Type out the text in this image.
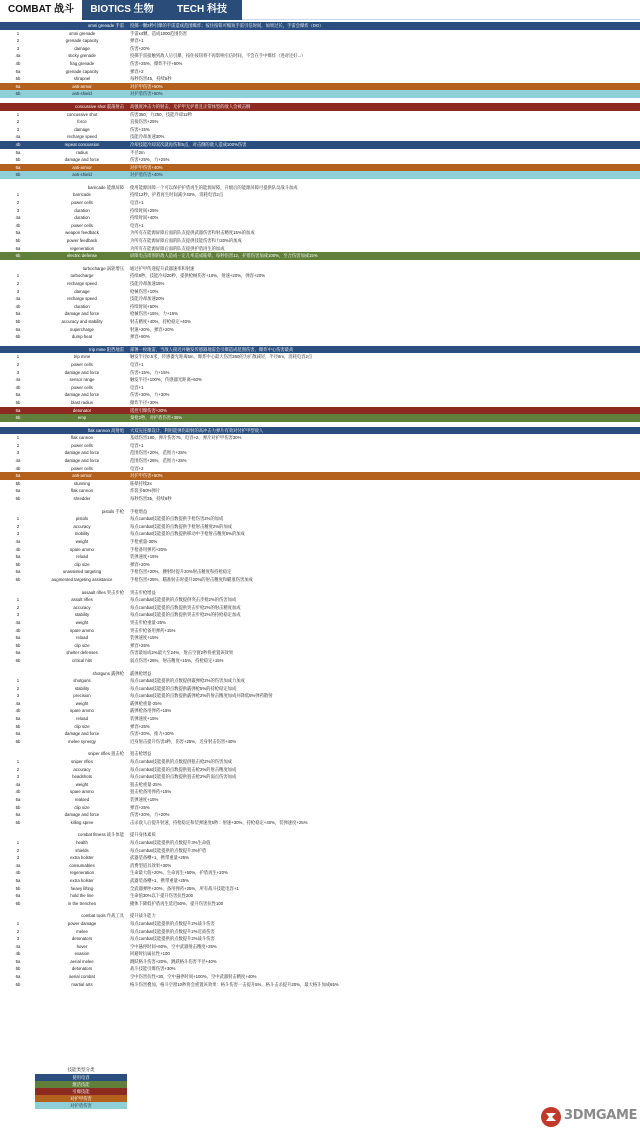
COMBAT 战斗	BIOTICS 生物	TECH 科技
omni grenade 手雷	投掷一颗2秒引爆的手雷造成范围爆炸；按住按钮可缩短手雷引信时间，如果过长，手雷会爆炸（DG）
1	omni grenade	手雷x4颗，造成1000范围伤害
2	grenade capacity	弹容+1
3	damage	伤害+20%
4a	sticky grenade	投掷手雷接触到敌人后引爆，按住按钮将不再影响引信时间，不会在手中爆炸（进对还好...）
4b	frag grenade	伤害+25%，爆炸半径+60%
5a	grenade capacity	弹容+2
5b	shrapnel	每秒伤害45，持续5秒
6a	anti-armor	对护甲伤害+50%
6b	anti-shield	对护盾伤害+50%
concussive shot 震荡射击	高强度冲击力的射击，无护甲无护盾且正常体型的敌人会被击倒
1	concussive shot	伤害350，力250，技能冷却12秒
2	force	直接伤害+25%
3	damage	伤害+15%
4a	recharge speed	技能冷却加速30%
4b	repeat concussion	冷却技能冷却双次就再伤和5点，对击倒的敌人造成100%伤害
5a	radius	半径2m
5b	damage and force	伤害+25%，力+25%
6a	anti-armor	对护甲伤害+40%
6b	anti-shield	对护盾伤害+40%
barricade 能源屏障	使用能源屏障一个可以保护护盾再生的能源屏障，升级后的能源屏障可提供队员战斗加成
1	barricade	持续12秒，护盾再生时间减少40%，消耗电容2点
2	power cells	电容+1
3	duration	持续时间+25%
4a	duration	持续时间+40%
4b	power cells	电容+1
5a	weapon feedback	为所有在能源屏障后面的队友提供武器伤害和射击精度15%的加成
5b	power feedback	为所有在能源屏障后面的队友提供技能伤害和力20%的加成
6a	regeneration	为所有在能源屏障后面的队友提供护盾再生的加成
6b	electric defense	屏障电击周围的敌人造成一定几率造成眩晕，每秒伤害12，护盾伤害加成100%，至合伤害加成15%
turbocharge 涡轮增压	通过护甲传递提升武器速率和射速
1	turbocharge	持续8秒，技能冷却20秒，提供枪械伤害+10%，射速+20%，弹容+20%
2	recharge speed	技能冷却加速15%
3	damage	枪械伤害+10%
4a	recharge speed	技能冷却加速20%
4b	duration	持续时间+50%
5a	damage and force	枪械伤害+15%，力+15%
5b	accuracy and stability	射击精度+40%，持枪稳定+40%
6a	supercharge	射速+20%，弹容+20%
6b	dump heat	弹容+80%
trip mine 阻挡地雷	部署一枚地雷，当敌人接近并触发传感器地雷会引爆造成范围伤害，爆炸中心伤害最高
1	trip mine	触发半径0.5米，传感器光距离5m，爆炸中心最大伤害350的为扩散减轻，半径6m，消耗电容2点
2	power cells	电容+1
3	damage and force	伤害+15%，力+15%
4a	sensor range	触发半径+100%，传感器光距离+60%
4b	power cells	电容+1
5a	damage and force	伤害+30%，力+30%
5b	blast radius	爆炸半径+30%
6a	detonator	遥控引爆伤害+30%
6b	emp	秦枪2秒，对护盾伤害+35%
flak cannon 高射炮	大双充连爆设计，利用能弹伤取射的高冲击力弹片有效对付护甲型敌人
1	flak cannon	基础伤害180，弹片伤害75，电容+2，弹片对护甲伤害30%
2	power cells	电容+1
3	damage and force	范围伤害+20%，范围力+25%
4a	damage and force	范围伤害+25%，范围力+25%
4b	power cells	电容+2
5a	anti-armor	对护甲伤害+50%
5b	stunning	眩晕持续2s
6a	flak cannon	炸裂多50%弹片
6b	shredder	每秒伤害35，持续6秒
pistols 手枪	手枪增益
1	pistols	每点combat技能提的点数提供手枪伤害2%的加成
2	accuracy	每点combat技能提的点数提供手枪射击精度2%的加成
3	mobility	每点combat技能提的点数提供移动中手枪射击精度5%的加成
4a	weight	手枪重量-30%
4b	spare ammo	手枪备用弹药+20%
5a	reload	装弹速度+15%
5b	clip size	弹容+20%
6a	unassisted targeting	手枪伤害+20%，腰射时提升20%射击精度和持枪稳定
6b	augmented targeting assistance	手枪伤害+25%，瞄准射击时提升20%的射击精度和瞄准伤害加成
assault rifles 突击步枪	突击步枪增益
1	assult rifles	每点combat技能提供的点数提供突击步枪2%的伤害加成
2	accuracy	每点combat技能提的点数提供突击步枪2%的射击精度加成
3	stability	每点combat技能提的点数提供突击步枪2%的持枪稳定加成
4a	weight	突击步枪重量-25%
4b	spare ammo	突击步枪备用弹药+15%
5a	reload	装弹速度+15%
5b	clip size	弹容+25%
6a	shelter defenses	伤害最加成2%最大至24%，射击空窗2秒将重置该效果
6b	critical hits	弱点伤害+25%，射击精度+15%，持枪稳定+15%
shotguns 霰弹枪	霰弹枪增益
1	shotguns	每点combat技能提供的点数提供霰弹枪2%的伤害加成力加成
2	stability	每点combat技能提的点数提供霰弹枪5%的持枪稳定加成
3	precision	每点combat技能提的点数提供霰弹枪2%的射击精度加成并降低5%弹药散射
4a	weight	霰弹枪重量-25%
4b	spare ammo	霰弹枪备用弹药+15%
5a	reload	装弹速度+15%
5b	clip size	弹容+25%
6a	damage and force	伤害+20%，推力+30%
6b	melee synergy	近身射击提升伤害3秒，伤害+25%，近身射击伤害+40%
sniper rifles 狙击枪	狙击枪增益
1	sniper rifles	每点combat技能提供的点数提供狙击枪2%的伤害加成
2	accuracy	每点combat技能提的点数提供狙击枪2%的射击精度加成
3	headshots	每点combat技能提的点数提供狙击枪2%的弱点伤害加成
4a	weight	狙击枪重量-25%
4b	spare ammo	狙击枪备用弹药+15%
5a	realoed	装弹速度+15%
5b	clip size	弹容+25%
6a	damage and force	伤害+20%，力+20%
6b	killing spree	击杀敌人后提升射速，持枪稳定和装弹速度5秒：射速+30%，持枪稳定+40%，装弹速度+25%
combat fitness 战斗体能	提升身体素质
1	health	每点combat技能提供的点数提升3%生命值
2	shields	每点combat技能提供的点数提升3%护盾
3	extra holster	武器装备槽+1，携带重量+25%
4a	consumables	消费型道具效果+30%
4b	regeneration	生命最大值+20%，生命再生+50%，护盾再生+20%
5a	extra holster	武器装备槽+1，携带重量+25%
5b	heavy lifting	全武器弹匣+20%，备用弹药+25%，所有战斗技能电容+1
6a	hold the line	生命值30%以下提升伤害抗性200
6b	in the trenches	掩体下降低护盾再生延迟50%，提升伤害抗性100
combat tools 作战工具	提升战斗能力
1	power damage	每点combat技能提供的点数提升2%战斗伤害
2	melee	每点combat技能提供的点数提升2%近战伤害
3	detonators	每点combat技能提供的点数提升2%战斗伤害
4a	hover	空中悬停时间+60%，空中武器射击精度+25%
4b	evasion	回避时抗属抗性+100
5a	aerial melee	跳跃格斗伤害+20%，跳跃格斗伤害半径+40%
5b	detonators	战斗技能引爆伤害+30%
6a	aerial combat	空中伤害抗性+30，空中悬停时间+100%，空中武器射击精度+40%
6b	martial arts	格斗伤害叠加，格斗空窗10秒将会重置该效果：格斗伤害一击提升5%，格斗击杀提升20%，最大格斗加成65%
技能类型分类
使用电容
激活技能
引爆技能
对护甲伤害
对护盾伤害
3DMGAME
